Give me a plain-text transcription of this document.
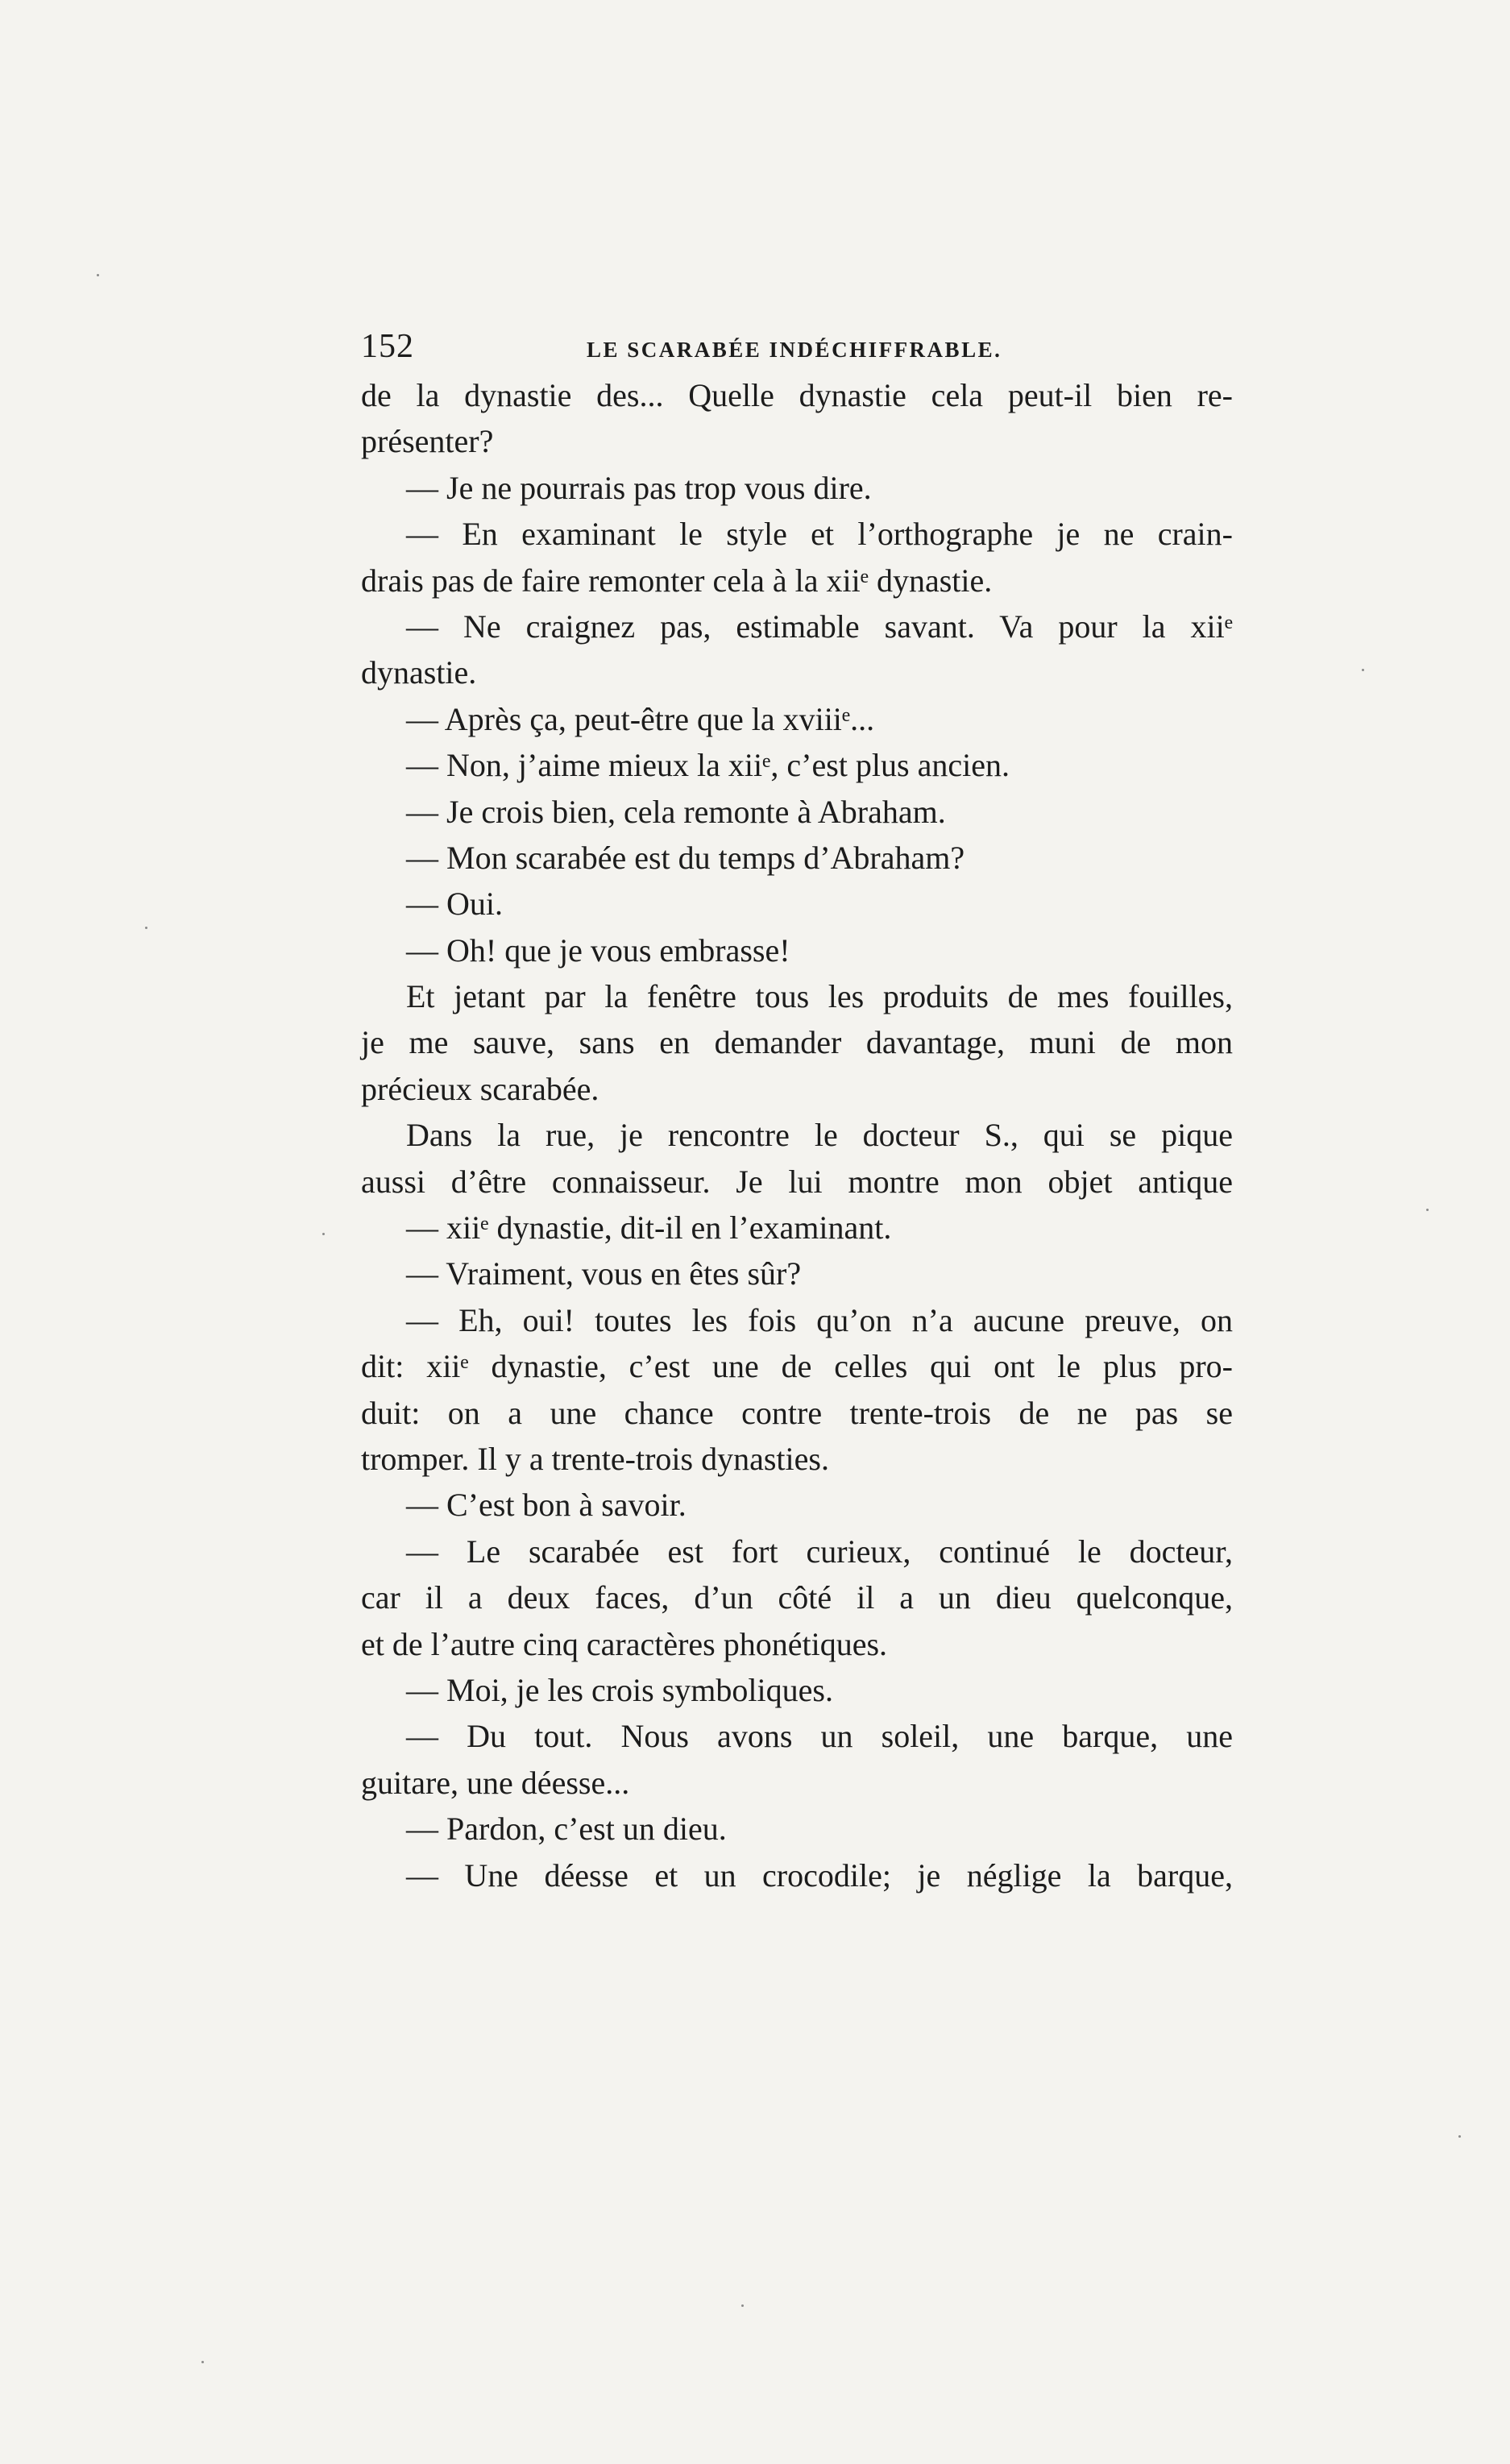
152	LE SCARABÉE INDÉCHIFFRABLE.
de la dynastie des... Quelle dynastie cela peut-il bien re-
présenter?
— Je ne pourrais pas trop vous dire.
— En examinant le style et l’orthographe je ne crain-
drais pas de faire remonter cela à la xiiᵉ dynastie.
— Ne craignez pas, estimable savant. Va pour la xiiᵉ
dynastie.
— Après ça, peut-être que la xviiiᵉ...
— Non, j’aime mieux la xiiᵉ, c’est plus ancien.
— Je crois bien, cela remonte à Abraham.
— Mon scarabée est du temps d’Abraham?
— Oui.
— Oh! que je vous embrasse!
Et jetant par la fenêtre tous les produits de mes fouilles,
je me sauve, sans en demander davantage, muni de mon
précieux scarabée.
Dans la rue, je rencontre le docteur S., qui se pique
aussi d’être connaisseur. Je lui montre mon objet antique
— xiiᵉ dynastie, dit-il en l’examinant.
— Vraiment, vous en êtes sûr?
— Eh, oui! toutes les fois qu’on n’a aucune preuve, on
dit: xiiᵉ dynastie, c’est une de celles qui ont le plus pro-
duit: on a une chance contre trente-trois de ne pas se
tromper. Il y a trente-trois dynasties.
— C’est bon à savoir.
— Le scarabée est fort curieux, continué le docteur,
car il a deux faces, d’un côté il a un dieu quelconque,
et de l’autre cinq caractères phonétiques.
— Moi, je les crois symboliques.
— Du tout. Nous avons un soleil, une barque, une
guitare, une déesse...
— Pardon, c’est un dieu.
— Une déesse et un crocodile; je néglige la barque,
